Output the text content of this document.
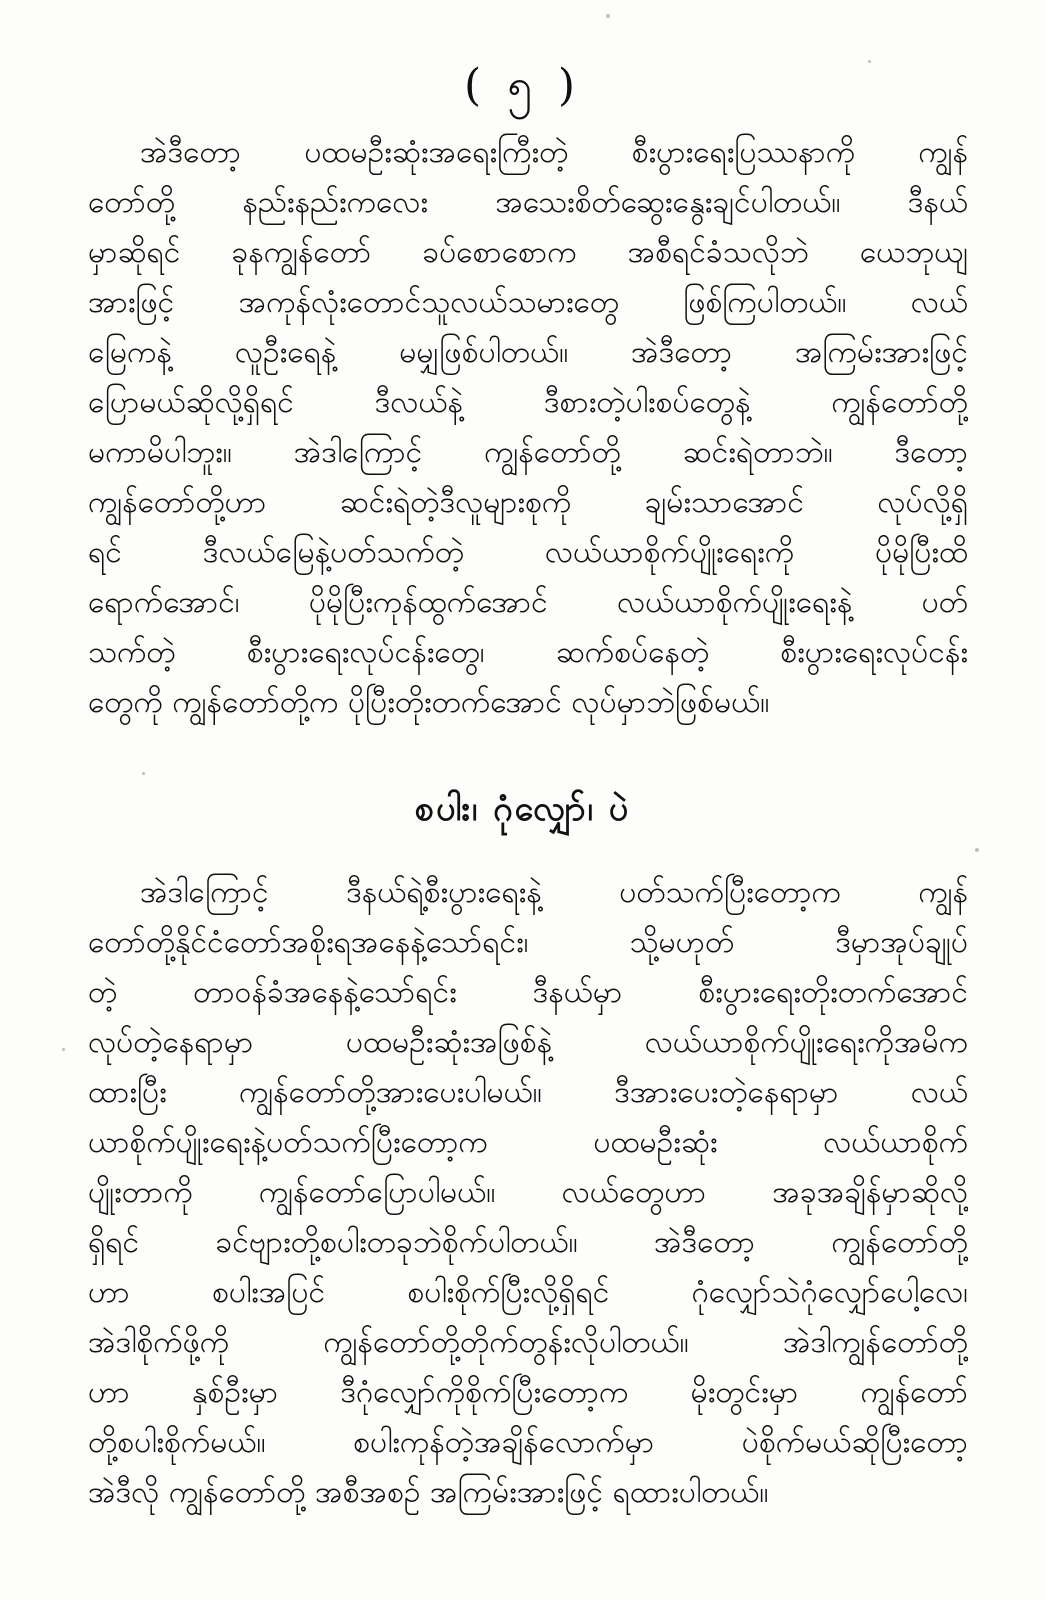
( ၅ )
အဲဒီတော့ ပထမဦးဆုံးအရေးကြီးတဲ့ စီးပွားရေးပြဿနာကို ကျွန်
တော်တို့ နည်းနည်းကလေး အသေးစိတ်ဆွေးနွေးချင်ပါတယ်။ ဒီနယ်
မှာဆိုရင် ခုနကျွန်တော် ခပ်စောစောက အစီရင်ခံသလိုဘဲ ယေဘုယျ
အားဖြင့် အကုန်လုံးတောင်သူလယ်သမားတွေ ဖြစ်ကြပါတယ်။ လယ်
မြေကနဲ့ လူဦးရေနဲ့ မမျှဖြစ်ပါတယ်။ အဲဒီတော့ အကြမ်းအားဖြင့်
ပြောမယ်ဆိုလို့ရှိရင် ဒီလယ်နဲ့ ဒီစားတဲ့ပါးစပ်တွေနဲ့ ကျွန်တော်တို့
မကာမိပါဘူး။ အဲဒါကြောင့် ကျွန်တော်တို့ ဆင်းရဲတာဘဲ။ ဒီတော့
ကျွန်တော်တို့ဟာ ဆင်းရဲတဲ့ဒီလူများစုကို ချမ်းသာအောင် လုပ်လို့ရှိ
ရင် ဒီလယ်မြေနဲ့ပတ်သက်တဲ့ လယ်ယာစိုက်ပျိုးရေးကို ပိုမိုပြီးထိ
ရောက်အောင်၊ ပိုမိုပြီးကုန်ထွက်အောင် လယ်ယာစိုက်ပျိုးရေးနဲ့ ပတ်
သက်တဲ့ စီးပွားရေးလုပ်ငန်းတွေ၊ ဆက်စပ်နေတဲ့ စီးပွားရေးလုပ်ငန်း
တွေကို ကျွန်တော်တို့က ပိုပြီးတိုးတက်အောင် လုပ်မှာဘဲဖြစ်မယ်။
စပါး၊ ဂုံလျှော်၊ ပဲ
အဲဒါကြောင့် ဒီနယ်ရဲ့စီးပွားရေးနဲ့ ပတ်သက်ပြီးတော့က ကျွန်
တော်တို့နိုင်ငံတော်အစိုးရအနေနဲ့သော်ရင်း၊ သို့မဟုတ် ဒီမှာအုပ်ချုပ်
တဲ့ တာဝန်ခံအနေနဲ့သော်ရင်း ဒီနယ်မှာ စီးပွားရေးတိုးတက်အောင်
လုပ်တဲ့နေရာမှာ ပထမဦးဆုံးအဖြစ်နဲ့ လယ်ယာစိုက်ပျိုးရေးကိုအမိက
ထားပြီး ကျွန်တော်တို့အားပေးပါမယ်။ ဒီအားပေးတဲ့နေရာမှာ လယ်
ယာစိုက်ပျိုးရေးနဲ့ပတ်သက်ပြီးတော့က ပထမဦးဆုံး လယ်ယာစိုက်
ပျိုးတာကို ကျွန်တော်ပြောပါမယ်။ လယ်တွေဟာ အခုအချိန်မှာဆိုလို့
ရှိရင် ခင်ဗျားတို့စပါးတခုဘဲစိုက်ပါတယ်။ အဲဒီတော့ ကျွန်တော်တို့
ဟာ စပါးအပြင် စပါးစိုက်ပြီးလို့ရှိရင် ဂုံလျှော်သဲဂုံလျှော်ပေါ့လေ၊
အဲဒါစိုက်ဖို့ကို ကျွန်တော်တို့တိုက်တွန်းလိုပါတယ်။ အဲဒါကျွန်တော်တို့
ဟာ နှစ်ဦးမှာ ဒီဂုံလျှော်ကိုစိုက်ပြီးတော့က မိုးတွင်းမှာ ကျွန်တော်
တို့စပါးစိုက်မယ်။ စပါးကုန်တဲ့အချိန်လောက်မှာ ပဲစိုက်မယ်ဆိုပြီးတော့
အဲဒီလို ကျွန်တော်တို့ အစီအစဉ် အကြမ်းအားဖြင့် ရထားပါတယ်။
